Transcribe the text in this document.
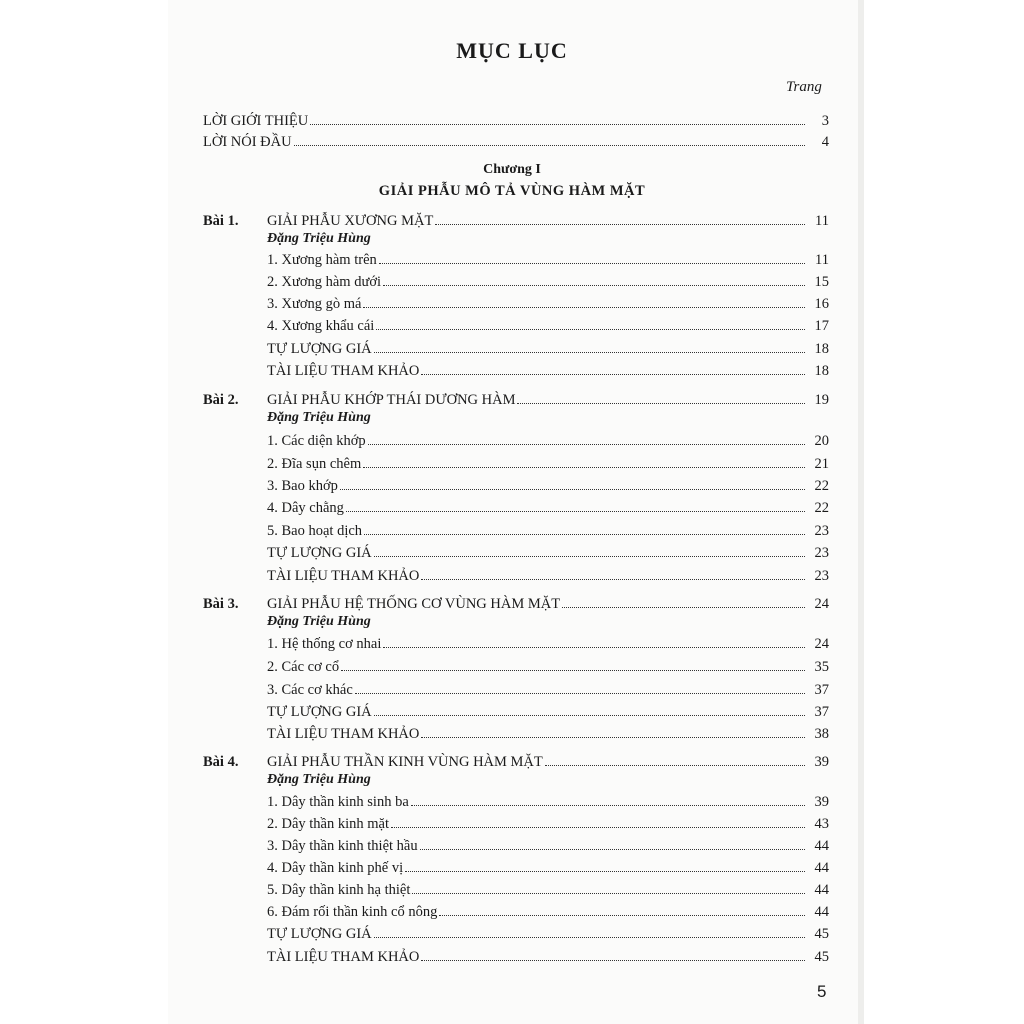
MỤC LỤC
Trang
LỜI GIỚI THIỆU	3
LỜI NÓI ĐẦU	4
Chương I
GIẢI PHẪU MÔ TẢ VÙNG HÀM MẶT
Bài 1.	GIẢI PHẪU XƯƠNG MẶT	11
Đặng Triệu Hùng
1. Xương hàm trên	11
2. Xương hàm dưới	15
3. Xương gò má	16
4. Xương khẩu cái	17
TỰ LƯỢNG GIÁ	18
TÀI LIỆU THAM KHẢO	18
Bài 2.	GIẢI PHẪU KHỚP THÁI DƯƠNG HÀM	19
Đặng Triệu Hùng
1. Các diện khớp	20
2. Đĩa sụn chêm	21
3. Bao khớp	22
4. Dây chằng	22
5. Bao hoạt dịch	23
TỰ LƯỢNG GIÁ	23
TÀI LIỆU THAM KHẢO	23
Bài 3.	GIẢI PHẪU HỆ THỐNG CƠ VÙNG HÀM MẶT	24
Đặng Triệu Hùng
1. Hệ thống cơ nhai	24
2. Các cơ cổ	35
3. Các cơ khác	37
TỰ LƯỢNG GIÁ	37
TÀI LIỆU THAM KHẢO	38
Bài 4.	GIẢI PHẪU THẦN KINH VÙNG HÀM MẶT	39
Đặng Triệu Hùng
1. Dây thần kinh sinh ba	39
2. Dây thần kinh mặt	43
3. Dây thần kinh thiệt hầu	44
4. Dây thần kinh phế vị	44
5. Dây thần kinh hạ thiệt	44
6. Đám rối thần kinh cổ nông	44
TỰ LƯỢNG GIÁ	45
TÀI LIỆU THAM KHẢO	45
5
